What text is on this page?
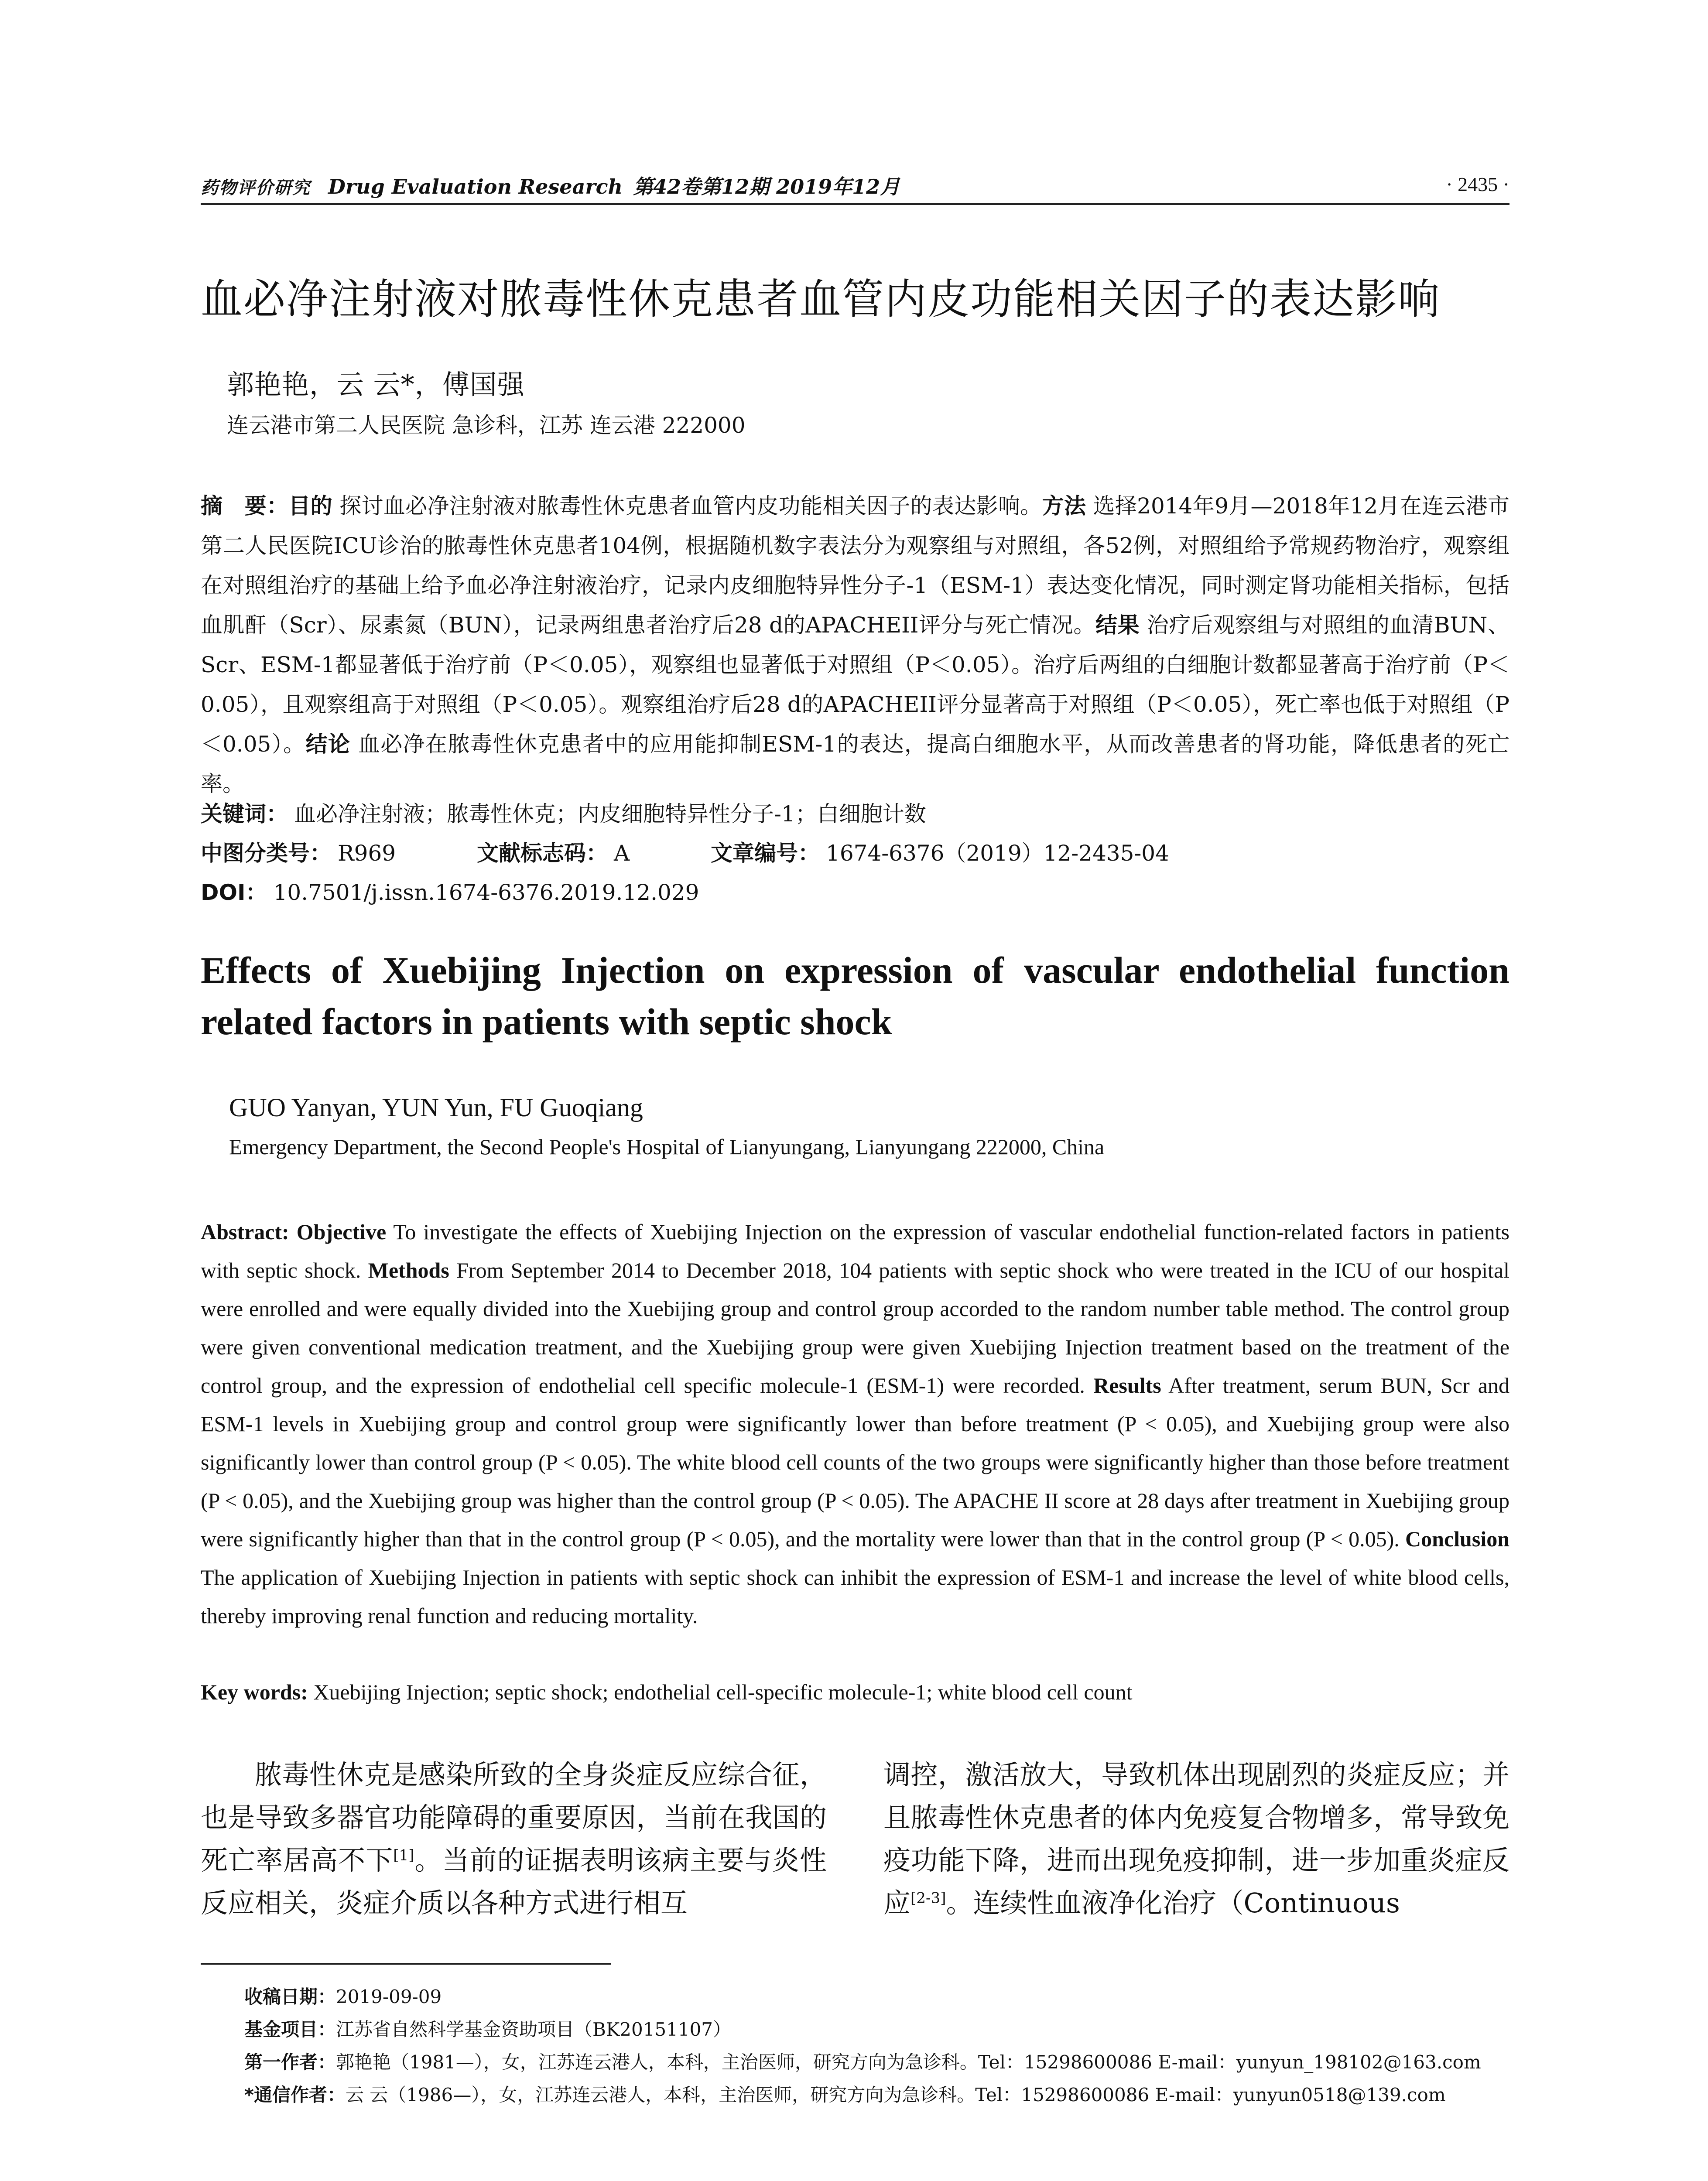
药物评价研究 Drug Evaluation Research 第42卷第12期 2019年12月	· 2435 ·
血必净注射液对脓毒性休克患者血管内皮功能相关因子的表达影响
郭艳艳，云 云*，傅国强
连云港市第二人民医院 急诊科，江苏 连云港 222000
摘　要：目的 探讨血必净注射液对脓毒性休克患者血管内皮功能相关因子的表达影响。方法 选择2014年9月—2018年12月在连云港市第二人民医院ICU诊治的脓毒性休克患者104例，根据随机数字表法分为观察组与对照组，各52例，对照组给予常规药物治疗，观察组在对照组治疗的基础上给予血必净注射液治疗，记录内皮细胞特异性分子-1（ESM-1）表达变化情况，同时测定肾功能相关指标，包括血肌酐（Scr）、尿素氮（BUN），记录两组患者治疗后28 d的APACHEII评分与死亡情况。结果 治疗后观察组与对照组的血清BUN、Scr、ESM-1都显著低于治疗前（P＜0.05），观察组也显著低于对照组（P＜0.05）。治疗后两组的白细胞计数都显著高于治疗前（P＜0.05），且观察组高于对照组（P＜0.05）。观察组治疗后28 d的APACHEII评分显著高于对照组（P＜0.05），死亡率也低于对照组（P＜0.05）。结论 血必净在脓毒性休克患者中的应用能抑制ESM-1的表达，提高白细胞水平，从而改善患者的肾功能，降低患者的死亡率。
关键词： 血必净注射液；脓毒性休克；内皮细胞特异性分子-1；白细胞计数
中图分类号： R969	文献标志码： A	文章编号： 1674-6376（2019）12-2435-04
DOI： 10.7501/j.issn.1674-6376.2019.12.029
Effects of Xuebijing Injection on expression of vascular endothelial function related factors in patients with septic shock
GUO Yanyan, YUN Yun, FU Guoqiang
Emergency Department, the Second People's Hospital of Lianyungang, Lianyungang 222000, China
Abstract: Objective To investigate the effects of Xuebijing Injection on the expression of vascular endothelial function-related factors in patients with septic shock. Methods From September 2014 to December 2018, 104 patients with septic shock who were treated in the ICU of our hospital were enrolled and were equally divided into the Xuebijing group and control group accorded to the random number table method. The control group were given conventional medication treatment, and the Xuebijing group were given Xuebijing Injection treatment based on the treatment of the control group, and the expression of endothelial cell specific molecule-1 (ESM-1) were recorded. Results After treatment, serum BUN, Scr and ESM-1 levels in Xuebijing group and control group were significantly lower than before treatment (P < 0.05), and Xuebijing group were also significantly lower than control group (P < 0.05). The white blood cell counts of the two groups were significantly higher than those before treatment (P < 0.05), and the Xuebijing group was higher than the control group (P < 0.05). The APACHE II score at 28 days after treatment in Xuebijing group were significantly higher than that in the control group (P < 0.05), and the mortality were lower than that in the control group (P < 0.05). Conclusion The application of Xuebijing Injection in patients with septic shock can inhibit the expression of ESM-1 and increase the level of white blood cells, thereby improving renal function and reducing mortality.
Key words: Xuebijing Injection; septic shock; endothelial cell-specific molecule-1; white blood cell count
脓毒性休克是感染所致的全身炎症反应综合征，也是导致多器官功能障碍的重要原因，当前在我国的死亡率居高不下[1]。当前的证据表明该病主要与炎性反应相关，炎症介质以各种方式进行相互
调控，激活放大，导致机体出现剧烈的炎症反应；并且脓毒性休克患者的体内免疫复合物增多，常导致免疫功能下降，进而出现免疫抑制，进一步加重炎症反应[2-3]。连续性血液净化治疗（Continuous
收稿日期：2019-09-09
基金项目：江苏省自然科学基金资助项目（BK20151107）
第一作者：郭艳艳（1981—），女，江苏连云港人，本科，主治医师，研究方向为急诊科。Tel：15298600086 E-mail：yunyun_198102@163.com
*通信作者：云 云（1986—），女，江苏连云港人，本科，主治医师，研究方向为急诊科。Tel：15298600086 E-mail：yunyun0518@139.com
